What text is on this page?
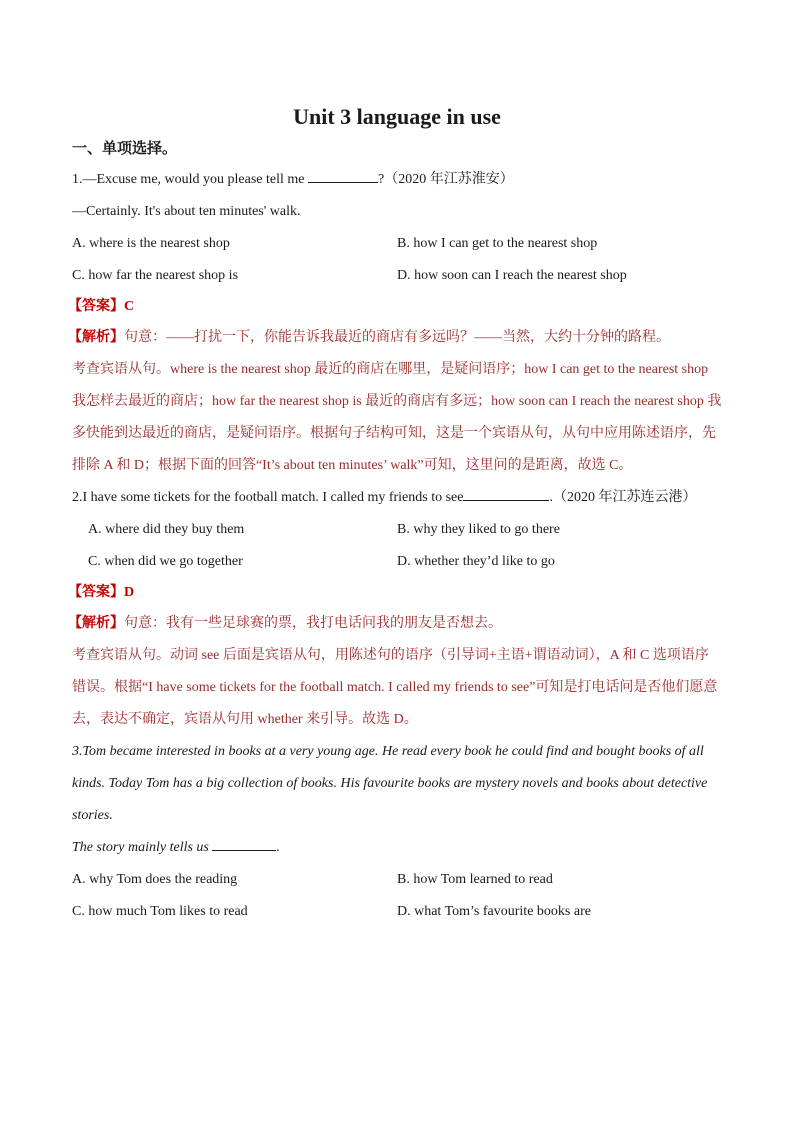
Unit 3 language in use
一、单项选择。
1.—Excuse me, would you please tell me	?（2020 年江苏淮安）
—Certainly. It's about ten minutes' walk.
A. where is the nearest shop	B. how I can get to the nearest shop
C. how far the nearest shop is	D. how soon can I reach the nearest shop
【答案】C
【解析】句意：——打扰一下，你能告诉我最近的商店有多远吗？——当然，大约十分钟的路程。
考查宾语从句。where is the nearest shop 最近的商店在哪里，是疑问语序；how I can get to the nearest shop 我怎样去最近的商店；how far the nearest shop is 最近的商店有多远；how soon can I reach the nearest shop 我多快能到达最近的商店，是疑问语序。根据句子结构可知，这是一个宾语从句，从句中应用陈述语序，先排除 A 和 D；根据下面的回答“It’s about ten minutes’ walk”可知，这里问的是距离，故选 C。
2.I have some tickets for the football match. I called my friends to see	.（2020 年江苏连云港）
A. where did they buy them	B. why they liked to go there
C. when did we go together	D. whether they’d like to go
【答案】D
【解析】句意：我有一些足球赛的票，我打电话问我的朋友是否想去。
考查宾语从句。动词 see 后面是宾语从句，用陈述句的语序（引导词+主语+谓语动词），A 和 C 选项语序错误。根据“I have some tickets for the football match. I called my friends to see”可知是打电话问是否他们愿意去，表达不确定，宾语从句用 whether 来引导。故选 D。
3.Tom became interested in books at a very young age. He read every book he could find and bought books of all kinds. Today Tom has a big collection of books. His favourite books are mystery novels and books about detective stories.
The story mainly tells us	.
A. why Tom does the reading	B. how Tom learned to read
C. how much Tom likes to read	D. what Tom’s favourite books are
